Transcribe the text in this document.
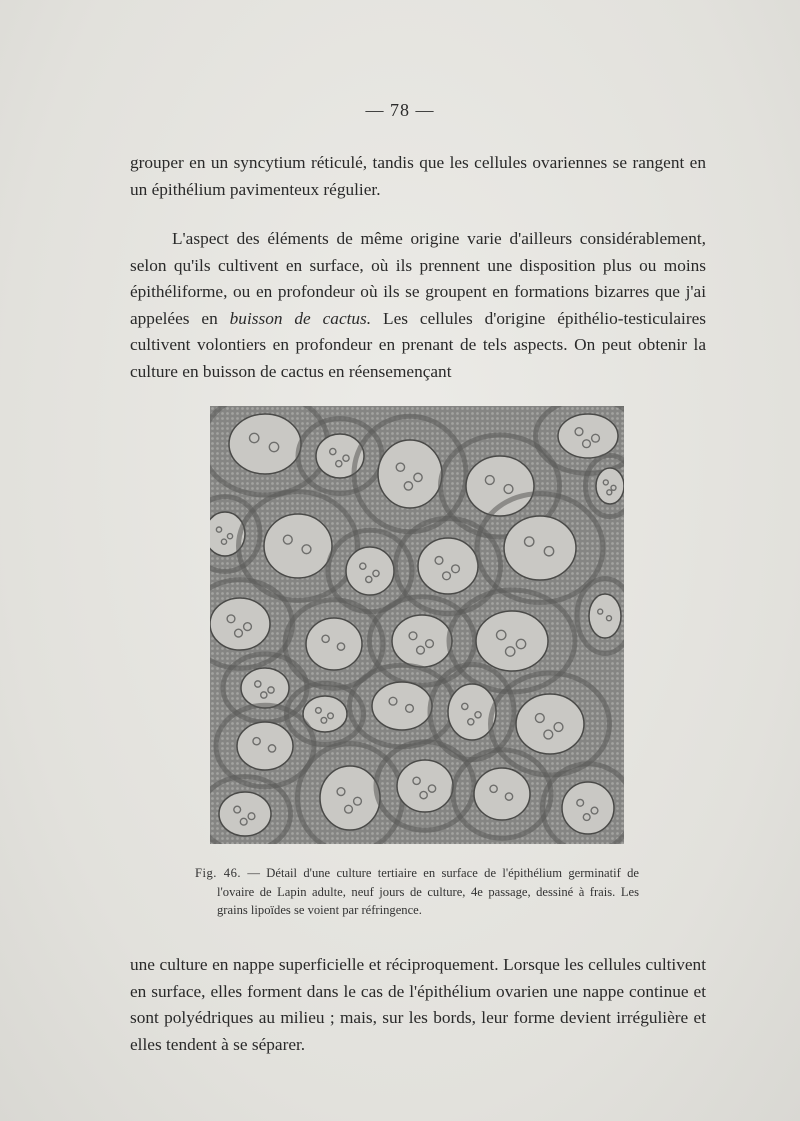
— 78 —

grouper en un syncytium réticulé, tandis que les cellules ovariennes se rangent en un épithélium pavimenteux régulier.

L'aspect des éléments de même origine varie d'ailleurs considérablement, selon qu'ils cultivent en surface, où ils prennent une disposition plus ou moins épithéliforme, ou en profondeur où ils se groupent en formations bizarres que j'ai appelées en buisson de cactus. Les cellules d'origine épithélio-testiculaires cultivent volontiers en profondeur en prenant de tels aspects. On peut obtenir la culture en buisson de cactus en réensemençant

Fig. 46. — Détail d'une culture tertiaire en surface de l'épithélium germinatif de l'ovaire de Lapin adulte, neuf jours de culture, 4e passage, dessiné à frais. Les grains lipoïdes se voient par réfringence.

une culture en nappe superficielle et réciproquement. Lorsque les cellules cultivent en surface, elles forment dans le cas de l'épithélium ovarien une nappe continue et sont polyédriques au milieu ; mais, sur les bords, leur forme devient irrégulière et elles tendent à se séparer.
